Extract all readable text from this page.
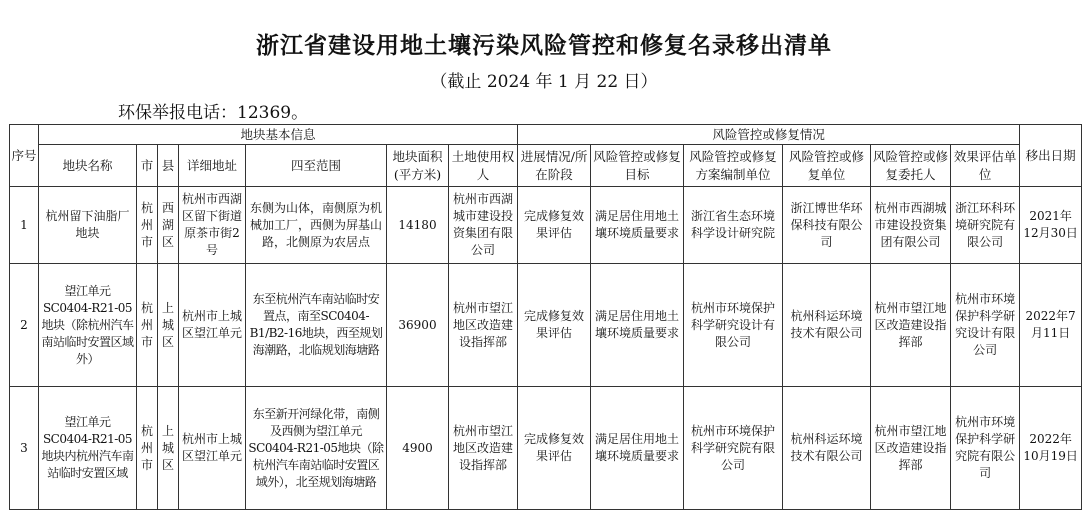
浙江省建设用地土壤污染风险管控和修复名录移出清单
（截止 2024 年 1 月 22 日）
环保举报电话：12369。
序号	地块基本信息							风险管控或修复情况						移出日期
	地块名称	市	县	详细地址	四至范围	地块面积(平方米)	土地使用权人	进展情况/所在阶段	风险管控或修复目标	风险管控或修复方案编制单位	风险管控或修复单位	风险管控或修复委托人	效果评估单位	
1	杭州留下油脂厂地块	杭州市	西湖区	杭州市西湖区留下街道原茶市街2号	东侧为山体，南侧原为机械加工厂，西侧为屏基山路，北侧原为农居点	14180	杭州市西湖城市建设投资集团有限公司	完成修复效果评估	满足居住用地土壤环境质量要求	浙江省生态环境科学设计研究院	浙江博世华环保科技有限公司	杭州市西湖城市建设投资集团有限公司	浙江环科环境研究院有限公司	2021年12月30日
2	望江单元SC0404-R21-05地块（除杭州汽车南站临时安置区域外）	杭州市	上城区	杭州市上城区望江单元	东至杭州汽车南站临时安置点，南至SC0404-B1/B2-16地块，西至规划海潮路，北临规划海塘路	36900	杭州市望江地区改造建设指挥部	完成修复效果评估	满足居住用地土壤环境质量要求	杭州市环境保护科学研究设计有限公司	杭州科运环境技术有限公司	杭州市望江地区改造建设指挥部	杭州市环境保护科学研究设计有限公司	2022年7月11日
3	望江单元SC0404-R21-05地块内杭州汽车南站临时安置区域	杭州市	上城区	杭州市上城区望江单元	东至新开河绿化带，南侧及西侧为望江单元SC0404-R21-05地块（除杭州汽车南站临时安置区域外），北至规划海塘路	4900	杭州市望江地区改造建设指挥部	完成修复效果评估	满足居住用地土壤环境质量要求	杭州市环境保护科学研究院有限公司	杭州科运环境技术有限公司	杭州市望江地区改造建设指挥部	杭州市环境保护科学研究院有限公司	2022年10月19日
